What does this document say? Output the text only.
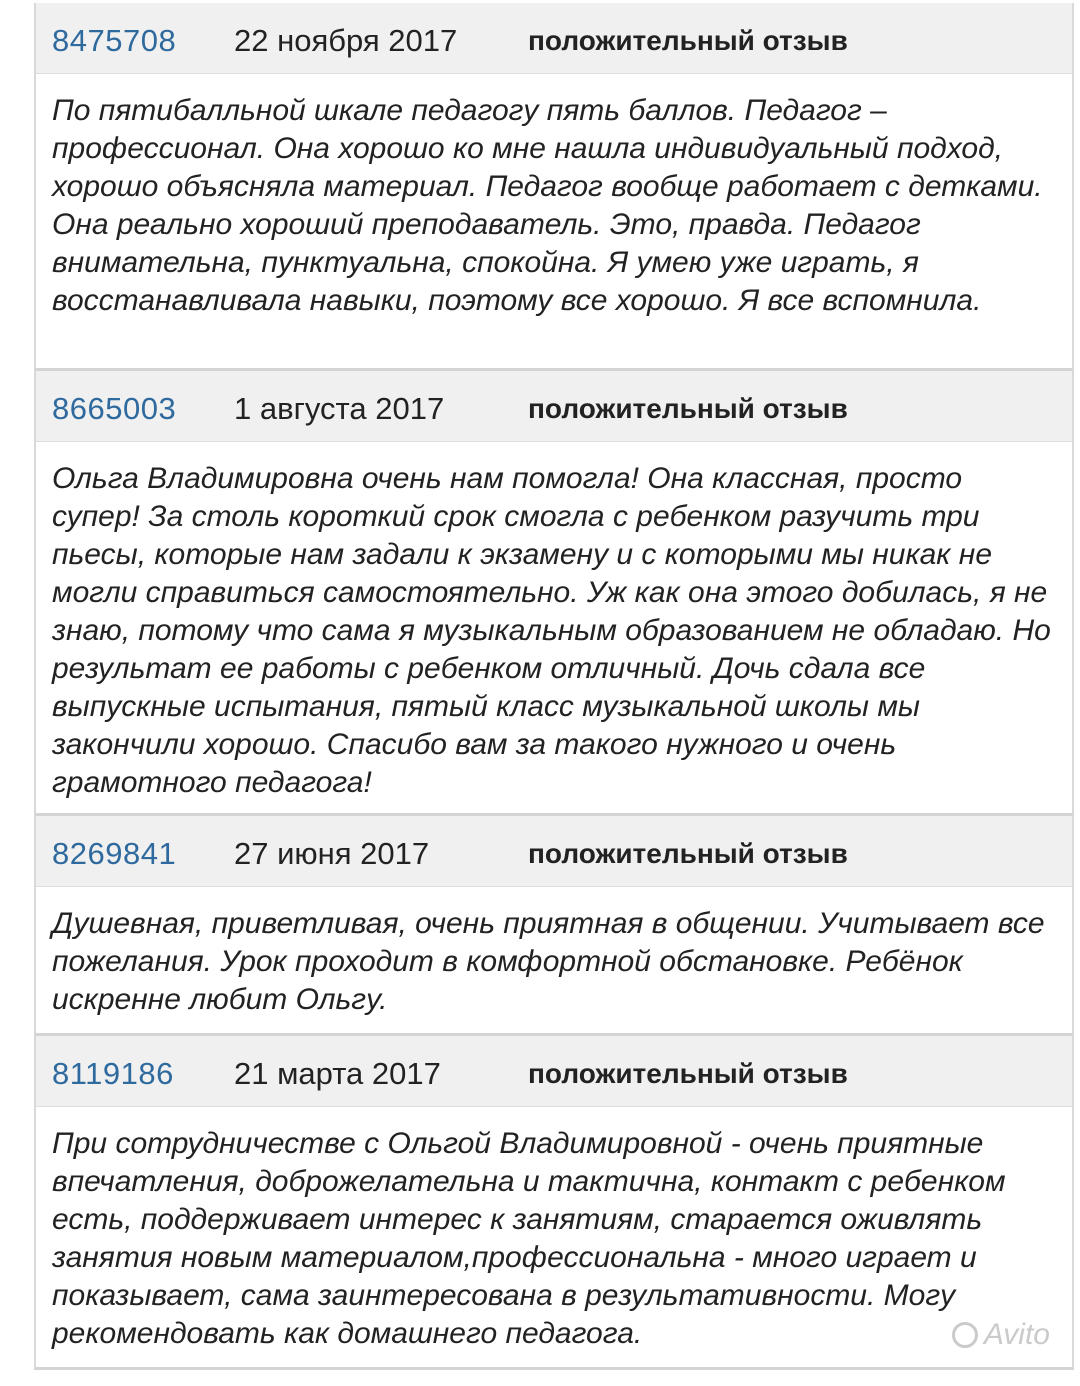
8475708 22 ноября 2017	положительный отзыв

По пятибалльной шкале педагогу пять баллов. Педагог – профессионал. Она хорошо ко мне нашла индивидуальный подход, хорошо объясняла материал. Педагог вообще работает с детками. Она реально хороший преподаватель. Это, правда. Педагог внимательна, пунктуальна, спокойна. Я умею уже играть, я восстанавливала навыки, поэтому все хорошо. Я все вспомнила.

8665003 1 августа 2017	положительный отзыв

Ольга Владимировна очень нам помогла! Она классная, просто супер! За столь короткий срок смогла с ребенком разучить три пьесы, которые нам задали к экзамену и с которыми мы никак не могли справиться самостоятельно. Уж как она этого добилась, я не знаю, потому что сама я музыкальным образованием не обладаю. Но результат ее работы с ребенком отличный. Дочь сдала все выпускные испытания, пятый класс музыкальной школы мы закончили хорошо. Спасибо вам за такого нужного и очень грамотного педагога!

8269841 27 июня 2017	положительный отзыв

Душевная, приветливая, очень приятная в общении. Учитывает все пожелания. Урок проходит в комфортной обстановке. Ребёнок искренне любит Ольгу.

8119186 21 марта 2017	положительный отзыв

При сотрудничестве с Ольгой Владимировной - очень приятные впечатления, доброжелательна и тактична, контакт с ребенком есть, поддерживает интерес к занятиям, старается оживлять занятия новым материалом,профессиональна - много играет и показывает, сама заинтересована в результативности. Могу рекомендовать как домашнего педагога.	Avito
